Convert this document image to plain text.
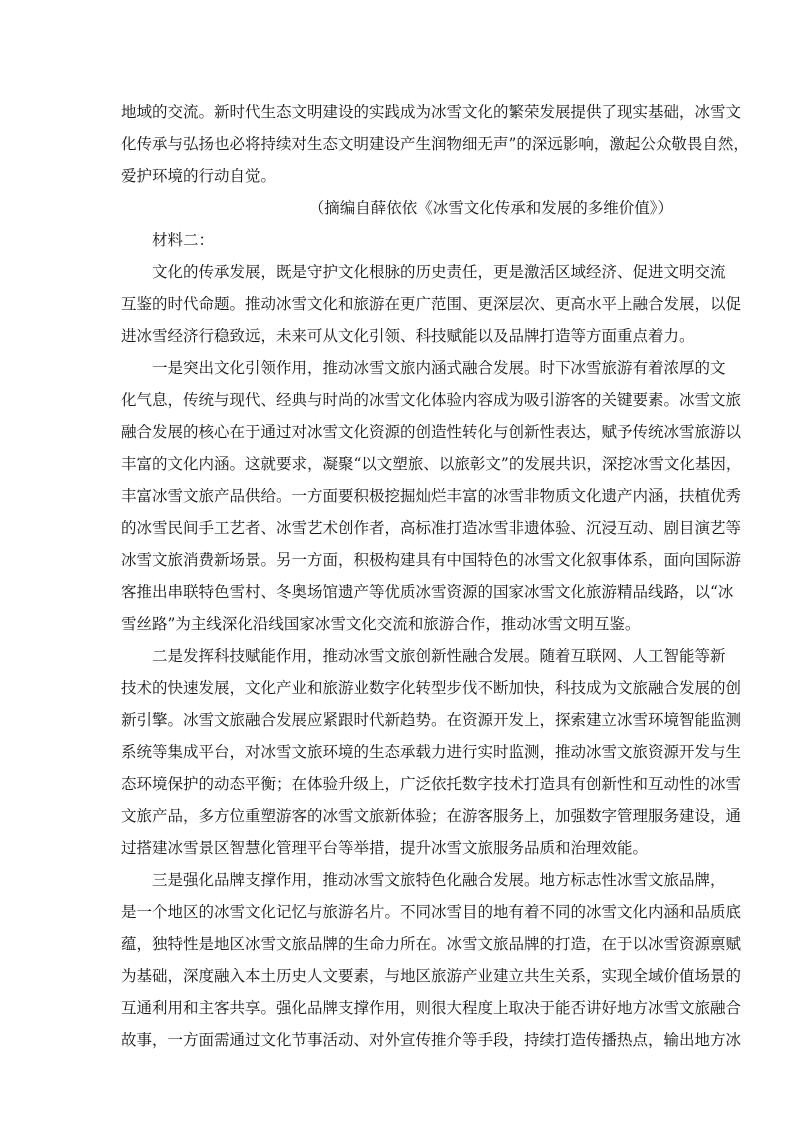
地域的交流。新时代生态文明建设的实践成为冰雪文化的繁荣发展提供了现实基础，冰雪文
化传承与弘扬也必将持续对生态文明建设产生润物细无声”的深远影响，激起公众敬畏自然，
爱护环境的行动自觉。
（摘编自薛依依《冰雪文化传承和发展的多维价值》）
材料二：
文化的传承发展，既是守护文化根脉的历史责任，更是激活区域经济、促进文明交流
互鉴的时代命题。推动冰雪文化和旅游在更广范围、更深层次、更高水平上融合发展，以促
进冰雪经济行稳致远，未来可从文化引领、科技赋能以及品牌打造等方面重点着力。
一是突出文化引领作用，推动冰雪文旅内涵式融合发展。时下冰雪旅游有着浓厚的文
化气息，传统与现代、经典与时尚的冰雪文化体验内容成为吸引游客的关键要素。冰雪文旅
融合发展的核心在于通过对冰雪文化资源的创造性转化与创新性表达，赋予传统冰雪旅游以
丰富的文化内涵。这就要求，凝聚“以文塑旅、以旅彰文”的发展共识，深挖冰雪文化基因，
丰富冰雪文旅产品供给。一方面要积极挖掘灿烂丰富的冰雪非物质文化遗产内涵，扶植优秀
的冰雪民间手工艺者、冰雪艺术创作者，高标准打造冰雪非遗体验、沉浸互动、剧目演艺等
冰雪文旅消费新场景。另一方面，积极构建具有中国特色的冰雪文化叙事体系，面向国际游
客推出串联特色雪村、冬奥场馆遗产等优质冰雪资源的国家冰雪文化旅游精品线路，以“冰
雪丝路”为主线深化沿线国家冰雪文化交流和旅游合作，推动冰雪文明互鉴。
二是发挥科技赋能作用，推动冰雪文旅创新性融合发展。随着互联网、人工智能等新
技术的快速发展，文化产业和旅游业数字化转型步伐不断加快，科技成为文旅融合发展的创
新引擎。冰雪文旅融合发展应紧跟时代新趋势。在资源开发上，探索建立冰雪环境智能监测
系统等集成平台，对冰雪文旅环境的生态承载力进行实时监测，推动冰雪文旅资源开发与生
态环境保护的动态平衡；在体验升级上，广泛依托数字技术打造具有创新性和互动性的冰雪
文旅产品，多方位重塑游客的冰雪文旅新体验；在游客服务上，加强数字管理服务建设，通
过搭建冰雪景区智慧化管理平台等举措，提升冰雪文旅服务品质和治理效能。
三是强化品牌支撑作用，推动冰雪文旅特色化融合发展。地方标志性冰雪文旅品牌，
是一个地区的冰雪文化记忆与旅游名片。不同冰雪目的地有着不同的冰雪文化内涵和品质底
蕴，独特性是地区冰雪文旅品牌的生命力所在。冰雪文旅品牌的打造，在于以冰雪资源禀赋
为基础，深度融入本土历史人文要素，与地区旅游产业建立共生关系，实现全域价值场景的
互通利用和主客共享。强化品牌支撑作用，则很大程度上取决于能否讲好地方冰雪文旅融合
故事，一方面需通过文化节事活动、对外宣传推介等手段，持续打造传播热点，输出地方冰
